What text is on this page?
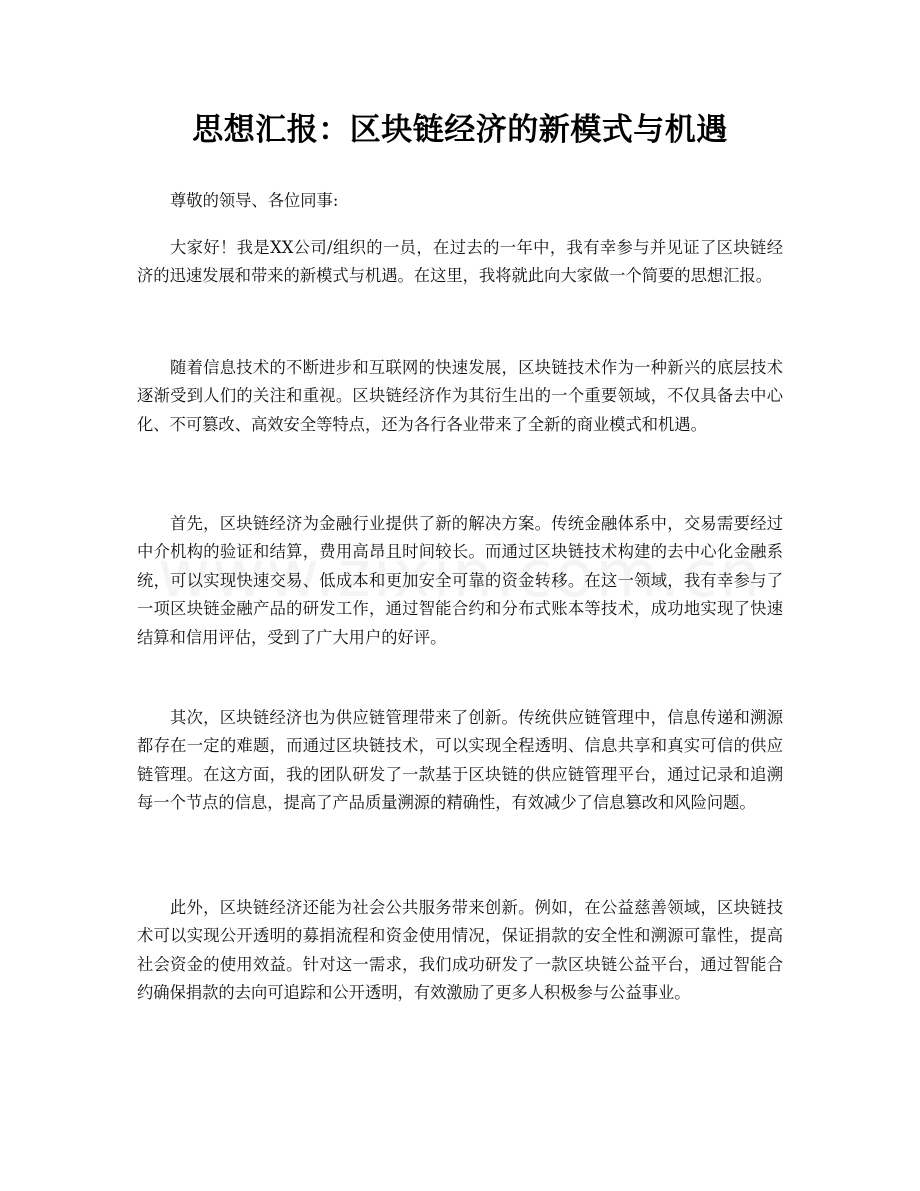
思想汇报：区块链经济的新模式与机遇

尊敬的领导、各位同事:

大家好！我是XX公司/组织的一员，在过去的一年中，我有幸参与并见证了区块链经济的迅速发展和带来的新模式与机遇。在这里，我将就此向大家做一个简要的思想汇报。

随着信息技术的不断进步和互联网的快速发展，区块链技术作为一种新兴的底层技术逐渐受到人们的关注和重视。区块链经济作为其衍生出的一个重要领域，不仅具备去中心化、不可篡改、高效安全等特点，还为各行各业带来了全新的商业模式和机遇。

首先，区块链经济为金融行业提供了新的解决方案。传统金融体系中，交易需要经过中介机构的验证和结算，费用高昂且时间较长。而通过区块链技术构建的去中心化金融系统，可以实现快速交易、低成本和更加安全可靠的资金转移。在这一领域，我有幸参与了一项区块链金融产品的研发工作，通过智能合约和分布式账本等技术，成功地实现了快速结算和信用评估，受到了广大用户的好评。

其次，区块链经济也为供应链管理带来了创新。传统供应链管理中，信息传递和溯源都存在一定的难题，而通过区块链技术，可以实现全程透明、信息共享和真实可信的供应链管理。在这方面，我的团队研发了一款基于区块链的供应链管理平台，通过记录和追溯每一个节点的信息，提高了产品质量溯源的精确性，有效减少了信息篡改和风险问题。

此外，区块链经济还能为社会公共服务带来创新。例如，在公益慈善领域，区块链技术可以实现公开透明的募捐流程和资金使用情况，保证捐款的安全性和溯源可靠性，提高社会资金的使用效益。针对这一需求，我们成功研发了一款区块链公益平台，通过智能合约确保捐款的去向可追踪和公开透明，有效激励了更多人积极参与公益事业。
